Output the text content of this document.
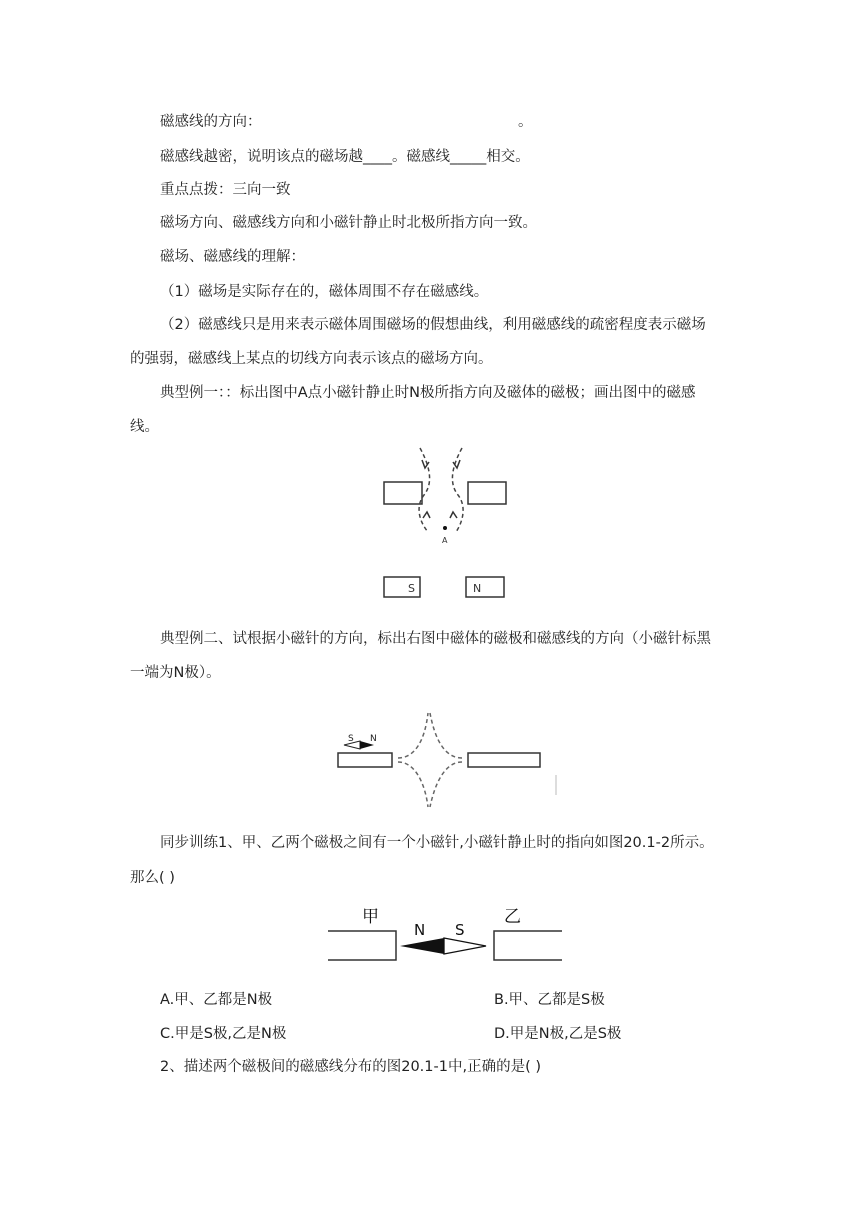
磁感线的方向：	。
磁感线越密，说明该点的磁场越____。磁感线_____相交。
重点点拨：三向一致
磁场方向、磁感线方向和小磁针静止时北极所指方向一致。
磁场、磁感线的理解：
（1）磁场是实际存在的，磁体周围不存在磁感线。
（2）磁感线只是用来表示磁体周围磁场的假想曲线，利用磁感线的疏密程度表示磁场
的强弱，磁感线上某点的切线方向表示该点的磁场方向。
典型例一：：标出图中A点小磁针静止时N极所指方向及磁体的磁极；画出图中的磁感
线。
A
S	N
典型例二、试根据小磁针的方向，标出右图中磁体的磁极和磁感线的方向（小磁针标黑
一端为N极）。
S N
同步训练1、甲、乙两个磁极之间有一个小磁针,小磁针静止时的指向如图20.1-2所示。
那么( )
甲	乙
N S
A.甲、乙都是N极	B.甲、乙都是S极
C.甲是S极,乙是N极	D.甲是N极,乙是S极
2、描述两个磁极间的磁感线分布的图20.1-1中,正确的是( )
